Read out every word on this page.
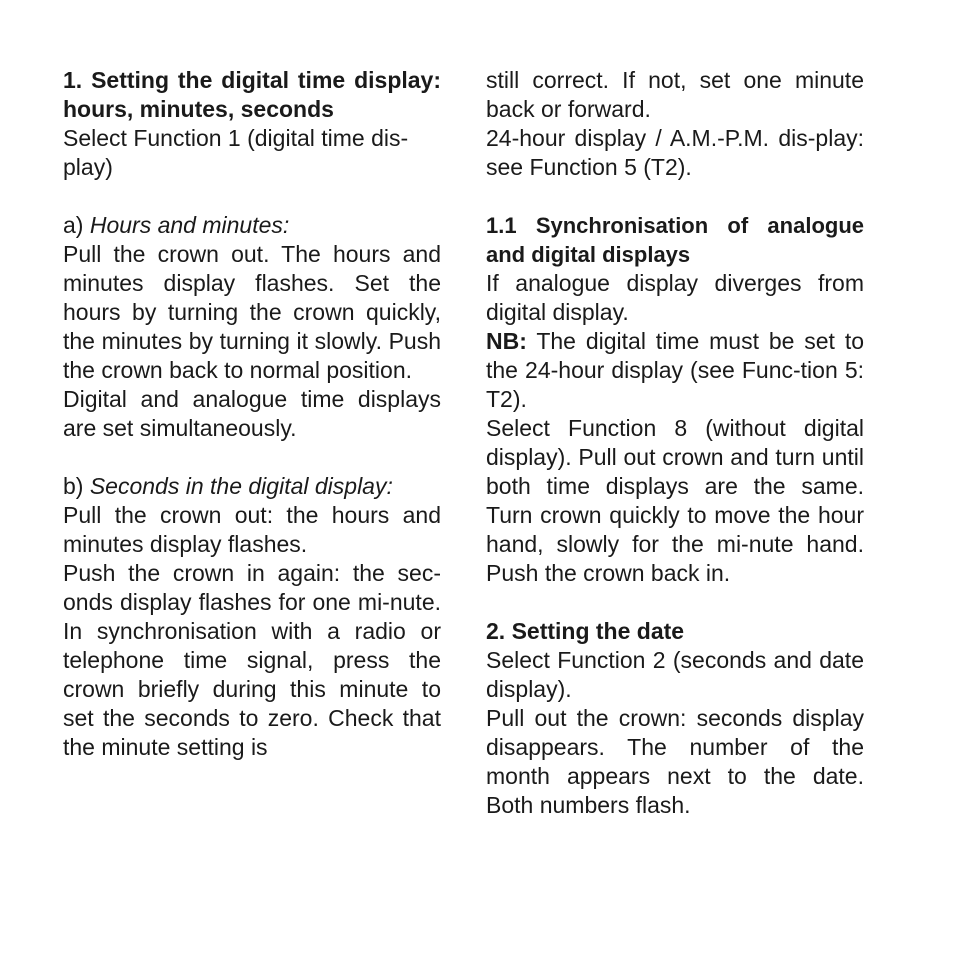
1. Setting the digital time display: hours, minutes, seconds

Select Function 1 (digital time dis-play)

a) Hours and minutes:

Pull the crown out. The hours and minutes display flashes. Set the hours by turning the crown quickly, the minutes by turning it slowly. Push the crown back to normal position.

Digital and analogue time displays are set simultaneously.

b) Seconds in the digital display:

Pull the crown out: the hours and minutes display flashes.

Push the crown in again: the sec-onds display flashes for one mi-nute. In synchronisation with a radio or telephone time signal, press the crown briefly during this minute to set the seconds to zero. Check that the minute setting is

still correct. If not, set one minute back or forward.

24-hour display / A.M.-P.M. dis-play: see Function 5 (T2).

1.1 Synchronisation of analogue and digital displays

If analogue display diverges from digital display.

NB: The digital time must be set to the 24-hour display (see Func-tion 5: T2).

Select Function 8 (without digital display). Pull out crown and turn until both time displays are the same. Turn crown quickly to move the hour hand, slowly for the mi-nute hand. Push the crown back in.

2. Setting the date

Select Function 2 (seconds and date display).

Pull out the crown: seconds display disappears. The number of the month appears next to the date. Both numbers flash.
